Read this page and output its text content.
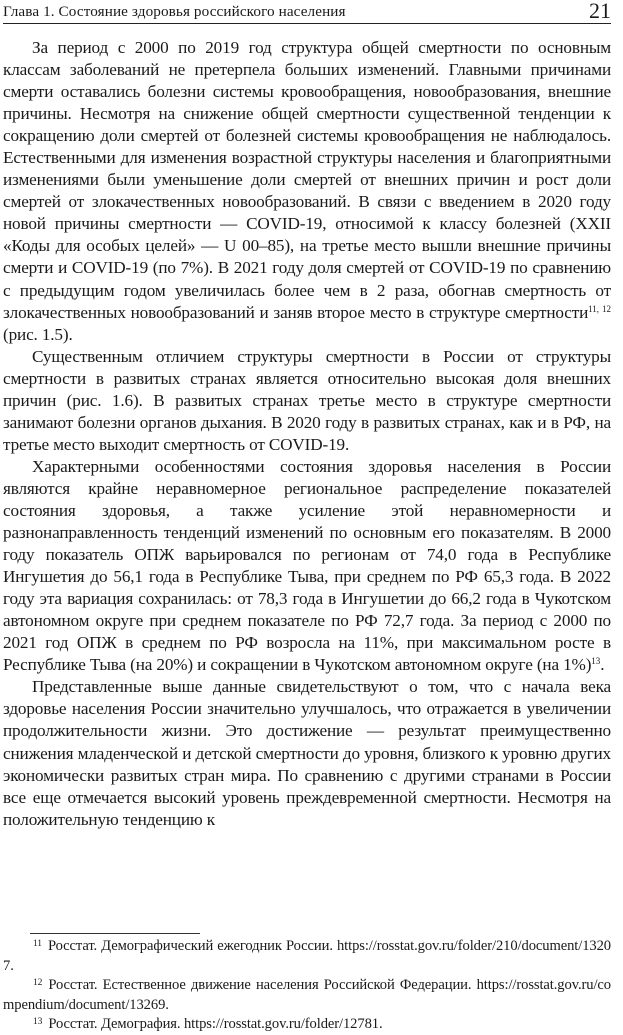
Глава 1. Состояние здоровья российского населения	21

За период с 2000 по 2019 год структура общей смертности по основным классам заболеваний не претерпела больших изменений. Главными причинами смерти оставались болезни системы кровообращения, новообразования, внешние причины. Несмотря на снижение общей смертности существенной тенденции к сокращению доли смертей от болезней системы кровообращения не наблюдалось. Естественными для изменения возрастной структуры населения и благоприятными изменениями были уменьшение доли смертей от внешних причин и рост доли смертей от злокачественных новообразований. В связи с введением в 2020 году новой причины смертности — COVID-19, относимой к классу болезней (XXII «Коды для особых целей» — U 00–85), на третье место вышли внешние причины смерти и COVID-19 (по 7%). В 2021 году доля смертей от COVID-19 по сравнению с предыдущим годом увеличилась более чем в 2 раза, обогнав смертность от злокачественных новообразований и заняв второе место в структуре смертности$^{11, 12}$ (рис. 1.5).

Существенным отличием структуры смертности в России от структуры смертности в развитых странах является относительно высокая доля внешних причин (рис. 1.6). В развитых странах третье место в структуре смертности занимают болезни органов дыхания. В 2020 году в развитых странах, как и в РФ, на третье место выходит смертность от COVID-19.

Характерными особенностями состояния здоровья населения в России являются крайне неравномерное региональное распределение показателей состояния здоровья, а также усиление этой неравномерности и разнонаправленность тенденций изменений по основным его показателям. В 2000 году показатель ОПЖ варьировался по регионам от 74,0 года в Республике Ингушетия до 56,1 года в Республике Тыва, при среднем по РФ 65,3 года. В 2022 году эта вариация сохранилась: от 78,3 года в Ингушетии до 66,2 года в Чукотском автономном округе при среднем показателе по РФ 72,7 года. За период с 2000 по 2021 год ОПЖ в среднем по РФ возросла на 11%, при максимальном росте в Республике Тыва (на 20%) и сокращении в Чукотском автономном округе (на 1%)$^{13}$.

Представленные выше данные свидетельствуют о том, что с начала века здоровье населения России значительно улучшалось, что отражается в увеличении продолжительности жизни. Это достижение — результат преимущественно снижения младенческой и детской смертности до уровня, близкого к уровню других экономически развитых стран мира. По сравнению с другими странами в России все еще отмечается высокий уровень преждевременной смертности. Несмотря на положительную тенденцию к

$^{11}$ Росстат. Демографический ежегодник России. https://rosstat.gov.ru/folder/210/document/13207.

$^{12}$ Росстат. Естественное движение населения Российской Федерации. https://rosstat.gov.ru/compendium/document/13269.

$^{13}$ Росстат. Демография. https://rosstat.gov.ru/folder/12781.
